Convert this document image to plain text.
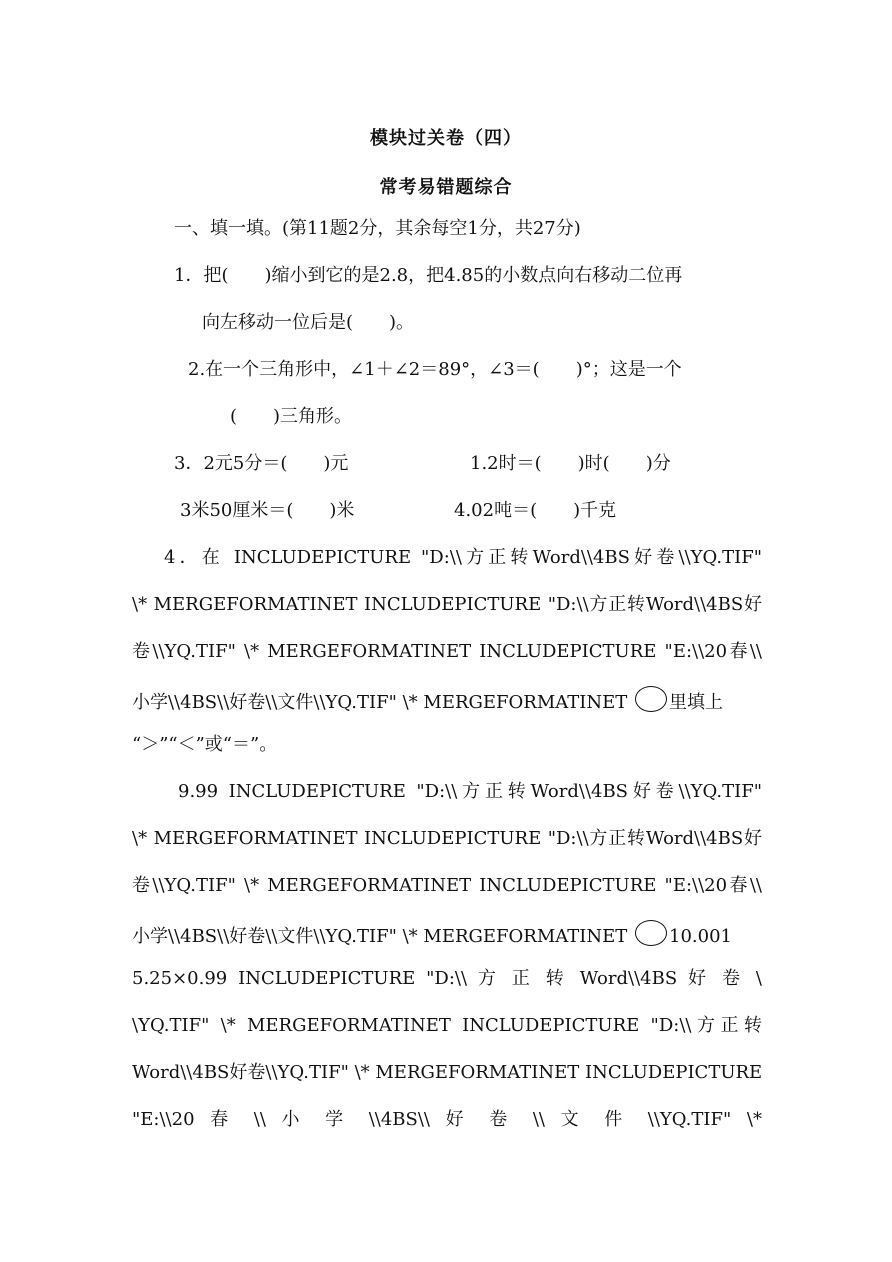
模块过关卷（四）
常考易错题综合
一、填一填。(第11题2分，其余每空1分，共27分)
1．把(　　)缩小到它的是2.8，把4.85的小数点向右移动二位再
向左移动一位后是(　　)。
2.在一个三角形中，∠1＋∠2＝89°，∠3＝(　　)°；这是一个
(　　)三角形。
3．2元5分＝(　　)元	1.2时＝(　　)时(　　)分
3米50厘米＝(　　)米	4.02吨＝(　　)千克
4．在 INCLUDEPICTURE "D:\\方正转Word\\4BS好卷\\YQ.TIF"
\* MERGEFORMATINET INCLUDEPICTURE "D:\\方正转Word\\4BS好
卷\\YQ.TIF" \* MERGEFORMATINET INCLUDEPICTURE "E:\\20春\\
小学\\4BS\\好卷\\文件\\YQ.TIF" \* MERGEFORMATINET 里填上
“＞”“＜”或“＝”。
9.99 INCLUDEPICTURE "D:\\方正转Word\\4BS好卷\\YQ.TIF"
\* MERGEFORMATINET INCLUDEPICTURE "D:\\方正转Word\\4BS好
卷\\YQ.TIF" \* MERGEFORMATINET INCLUDEPICTURE "E:\\20春\\
小学\\4BS\\好卷\\文件\\YQ.TIF" \* MERGEFORMATINET 10.001
5.25×0.99 INCLUDEPICTURE "D:\\ 方 正 转 Word\\4BS 好 卷 \
\YQ.TIF" \* MERGEFORMATINET INCLUDEPICTURE "D:\\方正转
Word\\4BS好卷\\YQ.TIF" \* MERGEFORMATINET INCLUDEPICTURE
"E:\\20 春 \\ 小 学 \\4BS\\ 好 卷 \\ 文 件 \\YQ.TIF" \*
